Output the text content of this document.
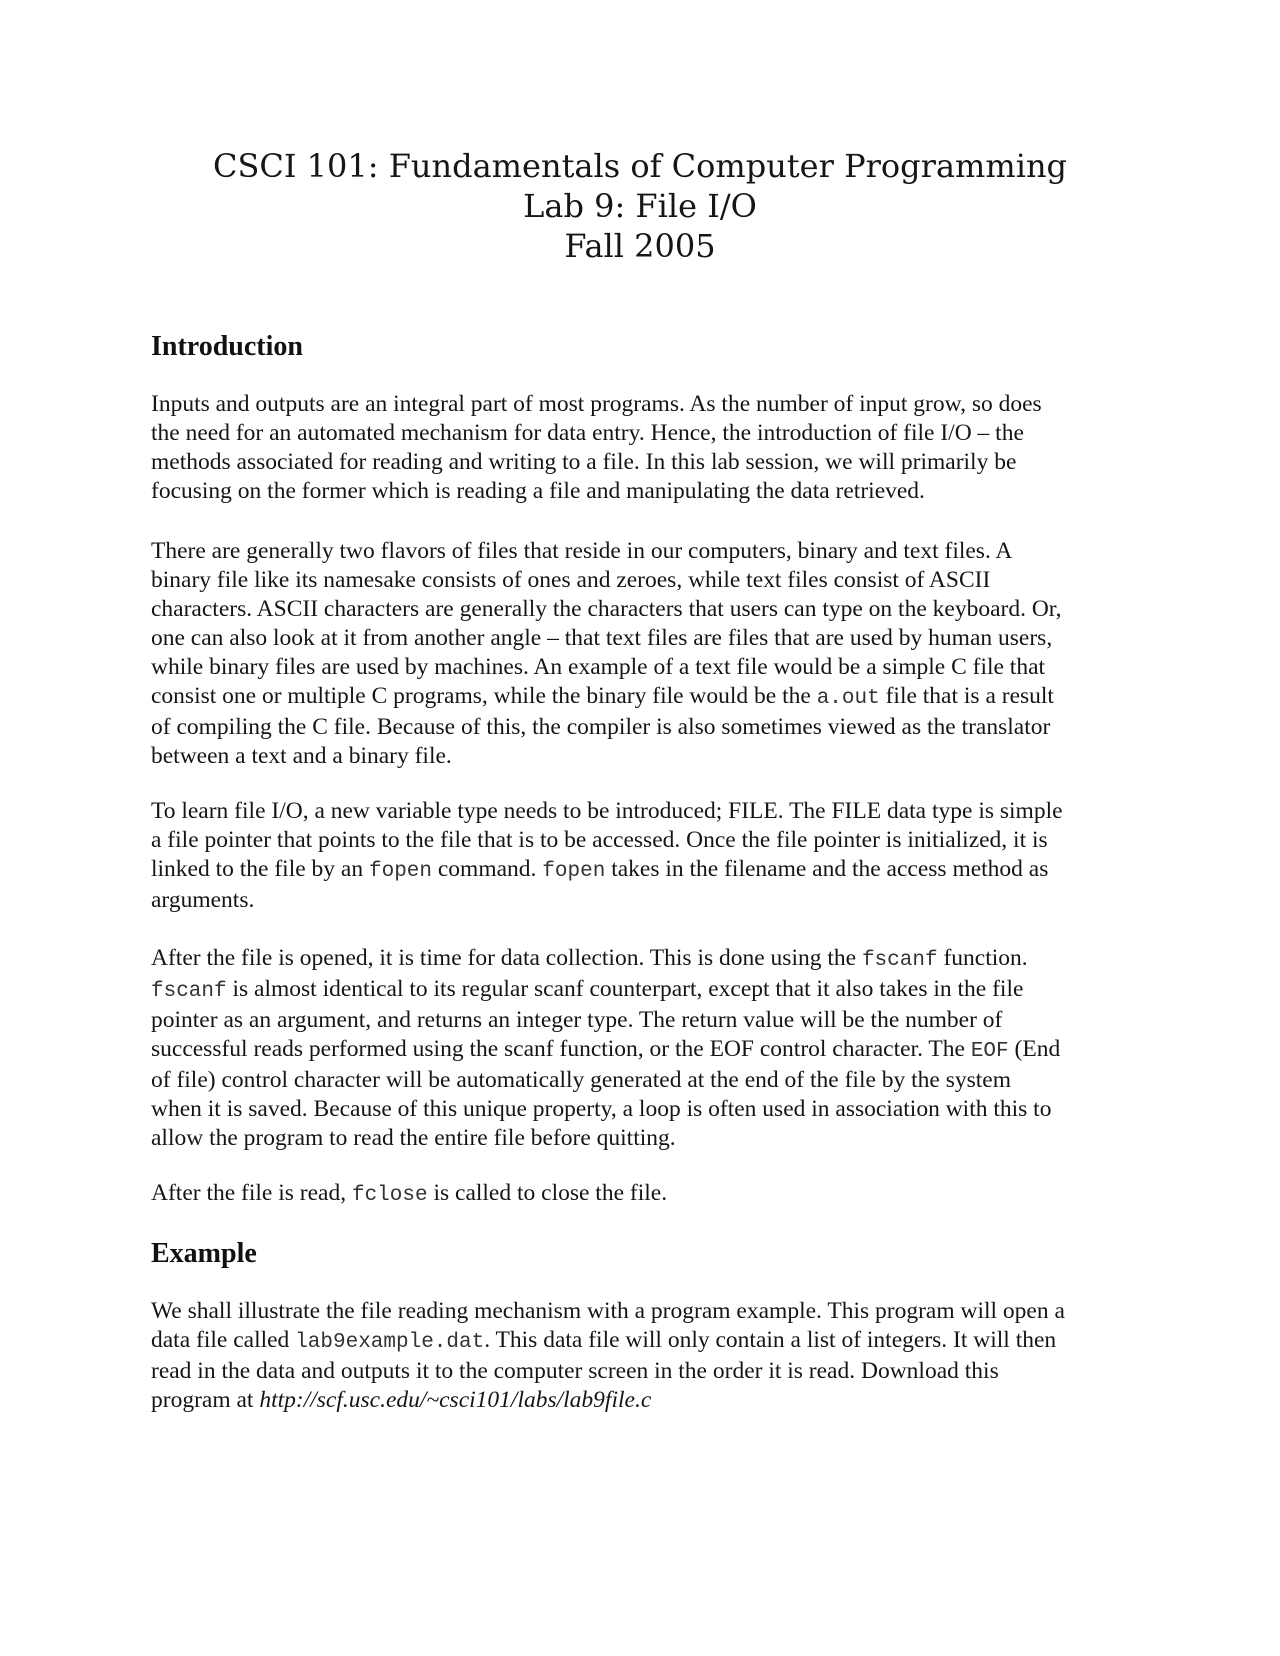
CSCI 101: Fundamentals of Computer Programming
Lab 9: File I/O
Fall 2005
Introduction

Inputs and outputs are an integral part of most programs. As the number of input grow, so does
the need for an automated mechanism for data entry. Hence, the introduction of file I/O – the
methods associated for reading and writing to a file. In this lab session, we will primarily be
focusing on the former which is reading a file and manipulating the data retrieved.

There are generally two flavors of files that reside in our computers, binary and text files. A
binary file like its namesake consists of ones and zeroes, while text files consist of ASCII
characters. ASCII characters are generally the characters that users can type on the keyboard. Or,
one can also look at it from another angle – that text files are files that are used by human users,
while binary files are used by machines. An example of a text file would be a simple C file that
consist one or multiple C programs, while the binary file would be the a.out file that is a result
of compiling the C file. Because of this, the compiler is also sometimes viewed as the translator
between a text and a binary file.

To learn file I/O, a new variable type needs to be introduced; FILE. The FILE data type is simple
a file pointer that points to the file that is to be accessed. Once the file pointer is initialized, it is
linked to the file by an fopen command. fopen takes in the filename and the access method as
arguments.

After the file is opened, it is time for data collection. This is done using the fscanf function.
fscanf is almost identical to its regular scanf counterpart, except that it also takes in the file
pointer as an argument, and returns an integer type. The return value will be the number of
successful reads performed using the scanf function, or the EOF control character. The EOF (End
of file) control character will be automatically generated at the end of the file by the system
when it is saved. Because of this unique property, a loop is often used in association with this to
allow the program to read the entire file before quitting.

After the file is read, fclose is called to close the file.

Example

We shall illustrate the file reading mechanism with a program example. This program will open a
data file called lab9example.dat. This data file will only contain a list of integers. It will then
read in the data and outputs it to the computer screen in the order it is read. Download this
program at http://scf.usc.edu/~csci101/labs/lab9file.c
